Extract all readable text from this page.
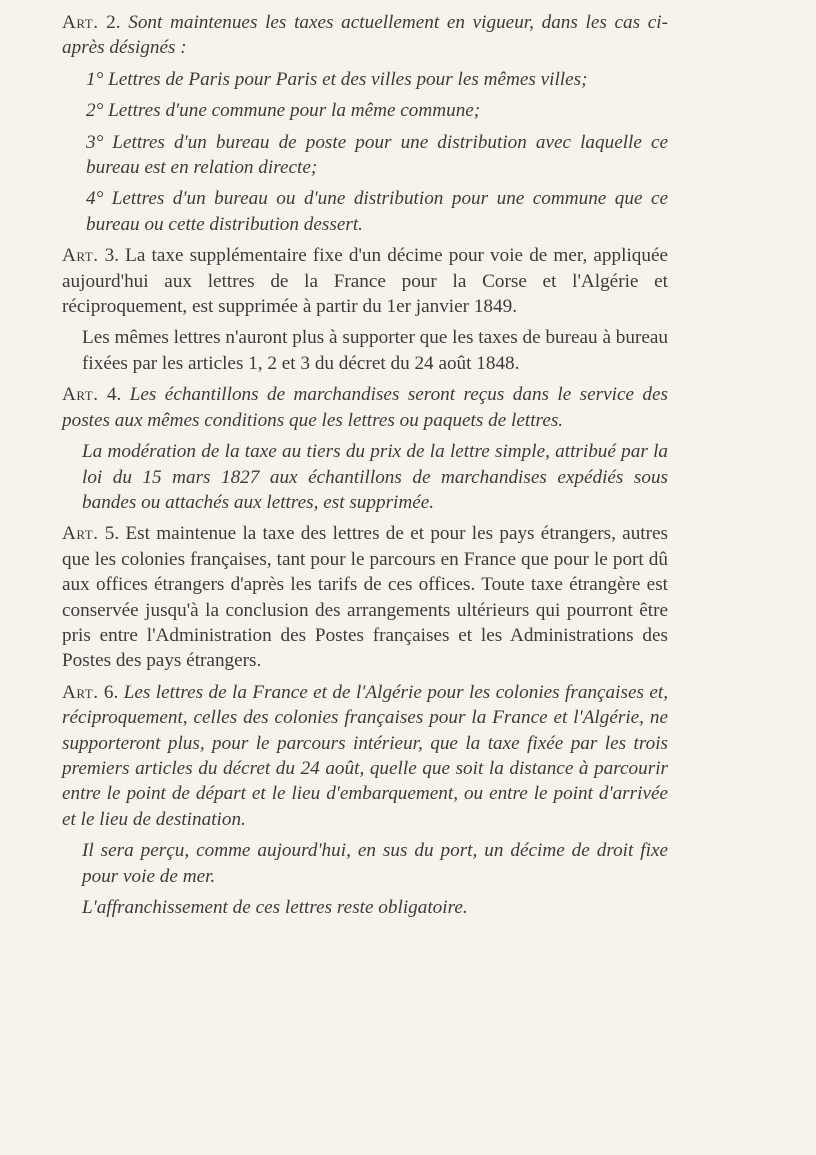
Art. 2. Sont maintenues les taxes actuellement en vigueur, dans les cas ci-après désignés :

1° Lettres de Paris pour Paris et des villes pour les mêmes villes;

2° Lettres d'une commune pour la même commune;

3° Lettres d'un bureau de poste pour une distribution avec laquelle ce bureau est en relation directe;

4° Lettres d'un bureau ou d'une distribution pour une commune que ce bureau ou cette distribution dessert.

Art. 3. La taxe supplémentaire fixe d'un décime pour voie de mer, appliquée aujourd'hui aux lettres de la France pour la Corse et l'Algérie et réciproquement, est supprimée à partir du 1er janvier 1849.

Les mêmes lettres n'auront plus à supporter que les taxes de bureau à bureau fixées par les articles 1, 2 et 3 du décret du 24 août 1848.

Art. 4. Les échantillons de marchandises seront reçus dans le service des postes aux mêmes conditions que les lettres ou paquets de lettres.

La modération de la taxe au tiers du prix de la lettre simple, attribué par la loi du 15 mars 1827 aux échantillons de marchandises expédiés sous bandes ou attachés aux lettres, est supprimée.

Art. 5. Est maintenue la taxe des lettres de et pour les pays étrangers, autres que les colonies françaises, tant pour le parcours en France que pour le port dû aux offices étrangers d'après les tarifs de ces offices. Toute taxe étrangère est conservée jusqu'à la conclusion des arrangements ultérieurs qui pourront être pris entre l'Administration des Postes françaises et les Administrations des Postes des pays étrangers.

Art. 6. Les lettres de la France et de l'Algérie pour les colonies françaises et, réciproquement, celles des colonies françaises pour la France et l'Algérie, ne supporteront plus, pour le parcours intérieur, que la taxe fixée par les trois premiers articles du décret du 24 août, quelle que soit la distance à parcourir entre le point de départ et le lieu d'embarquement, ou entre le point d'arrivée et le lieu de destination.

Il sera perçu, comme aujourd'hui, en sus du port, un décime de droit fixe pour voie de mer.

L'affranchissement de ces lettres reste obligatoire.
